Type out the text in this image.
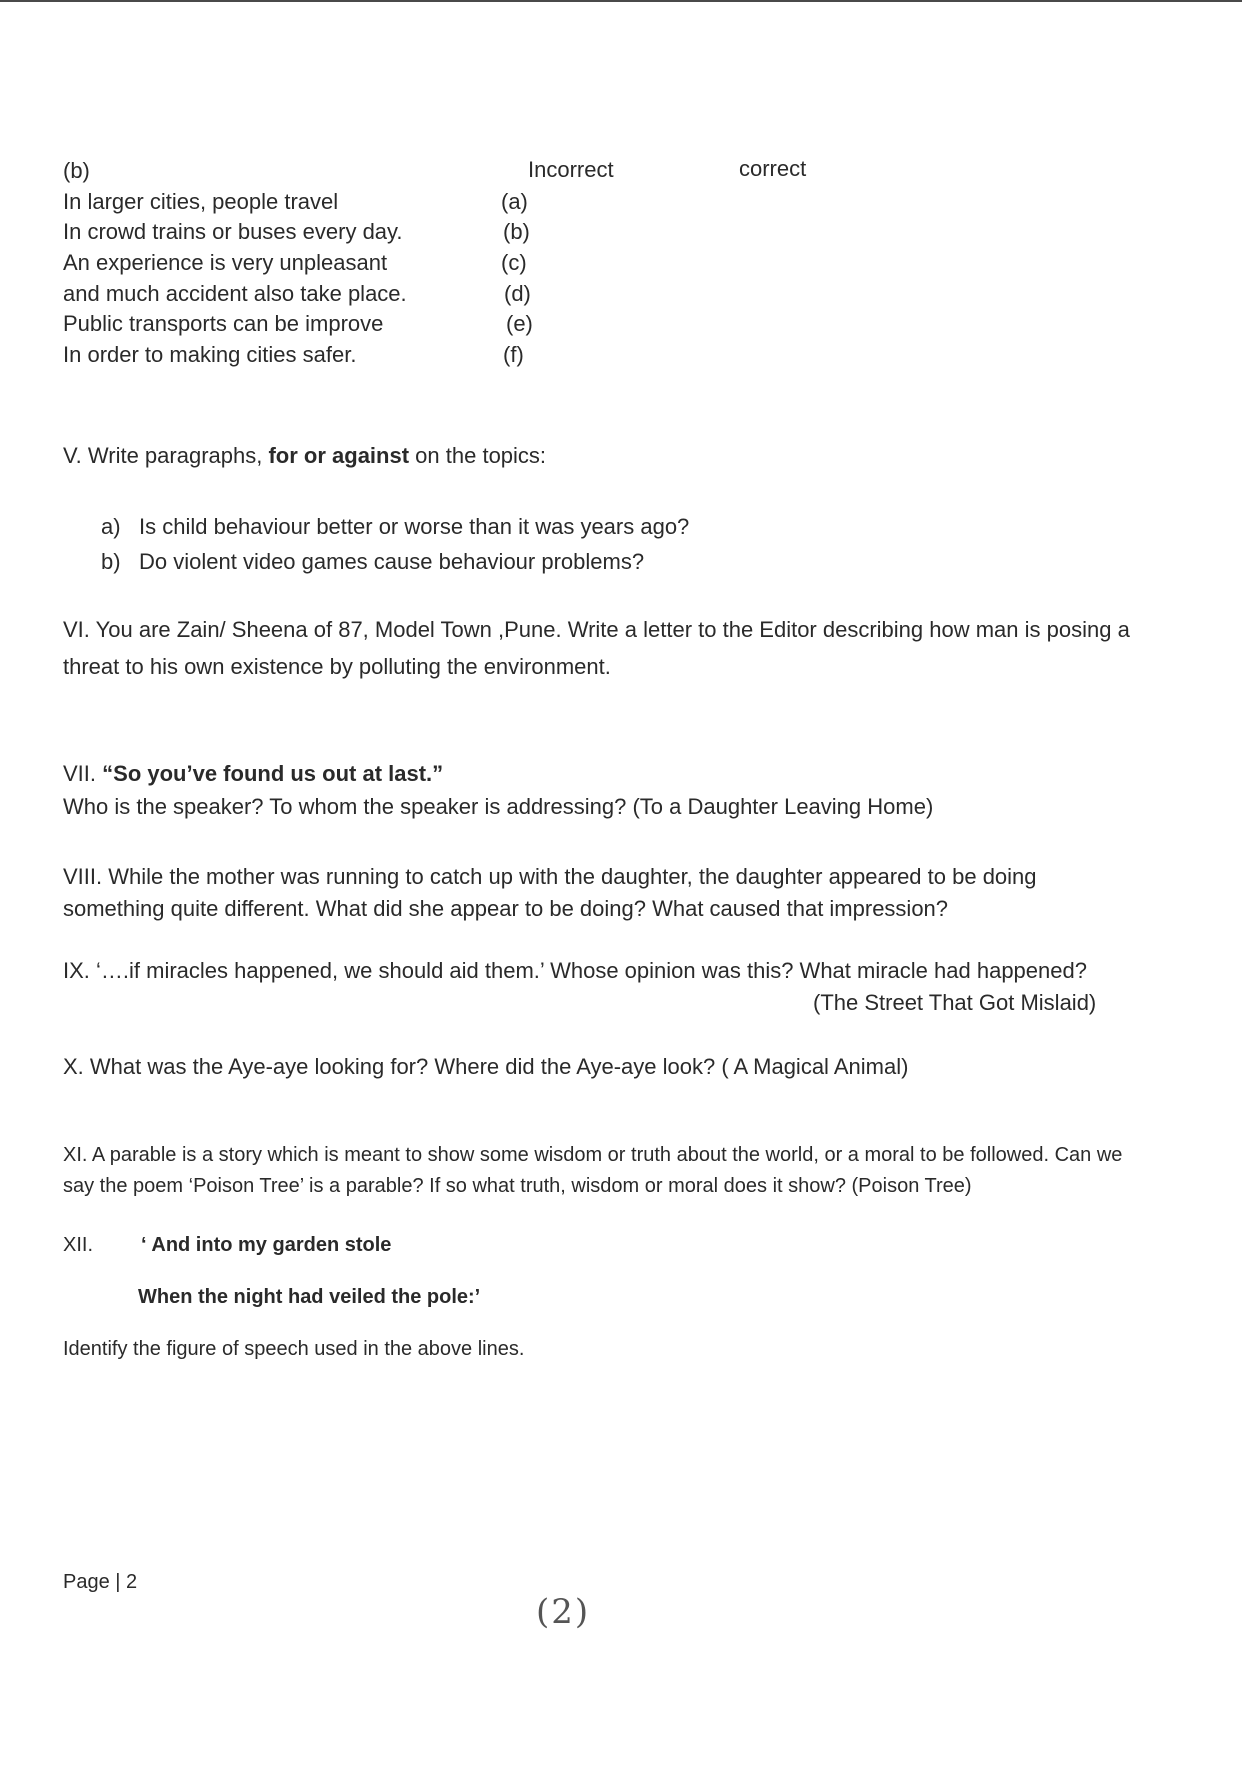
(b)	Incorrect	correct
In larger cities, people travel	(a)
In crowd trains or buses every day.	(b)
An experience is very unpleasant	(c)
and much accident also take place.	(d)
Public transports can be improve	(e)
In order to making cities safer.	(f)
V. Write paragraphs, for or against on the topics:
a) Is child behaviour better or worse than it was years ago?
b) Do violent video games cause behaviour problems?
VI. You are Zain/ Sheena of 87, Model Town ,Pune. Write a letter to the Editor describing how man is posing a
threat to his own existence by polluting the environment.
VII. “So you’ve found us out at last.”
Who is the speaker? To whom the speaker is addressing? (To a Daughter Leaving Home)
VIII. While the mother was running to catch up with the daughter, the daughter appeared to be doing
something quite different. What did she appear to be doing? What caused that impression?
IX. ‘….if miracles happened, we should aid them.’ Whose opinion was this? What miracle had happened?
(The Street That Got Mislaid)
X. What was the Aye-aye looking for? Where did the Aye-aye look? ( A Magical Animal)
XI. A parable is a story which is meant to show some wisdom or truth about the world, or a moral to be followed. Can we
say the poem ‘Poison Tree’ is a parable? If so what truth, wisdom or moral does it show? (Poison Tree)
XII. ‘ And into my garden stole
When the night had veiled the pole:’
Identify the figure of speech used in the above lines.
Page | 2
(2)
